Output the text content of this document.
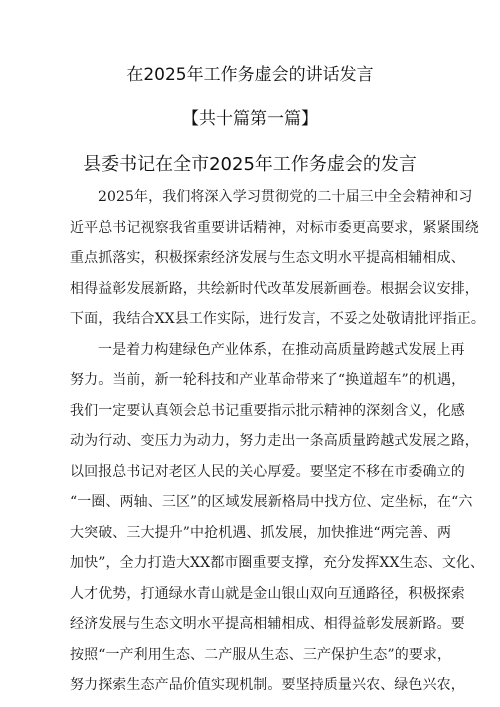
在2025年工作务虚会的讲话发言
【共十篇第一篇】
县委书记在全市2025年工作务虚会的发言
2025年，我们将深入学习贯彻党的二十届三中全会精神和习
近平总书记视察我省重要讲话精神，对标市委更高要求，紧紧围绕
重点抓落实，积极探索经济发展与生态文明水平提高相辅相成、
相得益彰发展新路，共绘新时代改革发展新画卷。根据会议安排，
下面，我结合XX县工作实际，进行发言，不妥之处敬请批评指正。
一是着力构建绿色产业体系，在推动高质量跨越式发展上再
努力。当前，新一轮科技和产业革命带来了“换道超车”的机遇，
我们一定要认真领会总书记重要指示批示精神的深刻含义，化感
动为行动、变压力为动力，努力走出一条高质量跨越式发展之路，
以回报总书记对老区人民的关心厚爱。要坚定不移在市委确立的
“一圈、两轴、三区”的区域发展新格局中找方位、定坐标，在“六
大突破、三大提升”中抢机遇、抓发展，加快推进“两完善、两
加快”，全力打造大XX都市圈重要支撑，充分发挥XX生态、文化、
人才优势，打通绿水青山就是金山银山双向互通路径，积极探索
经济发展与生态文明水平提高相辅相成、相得益彰发展新路。要
按照“一产利用生态、二产服从生态、三产保护生态”的要求，
努力探索生态产品价值实现机制。要坚持质量兴农、绿色兴农，
